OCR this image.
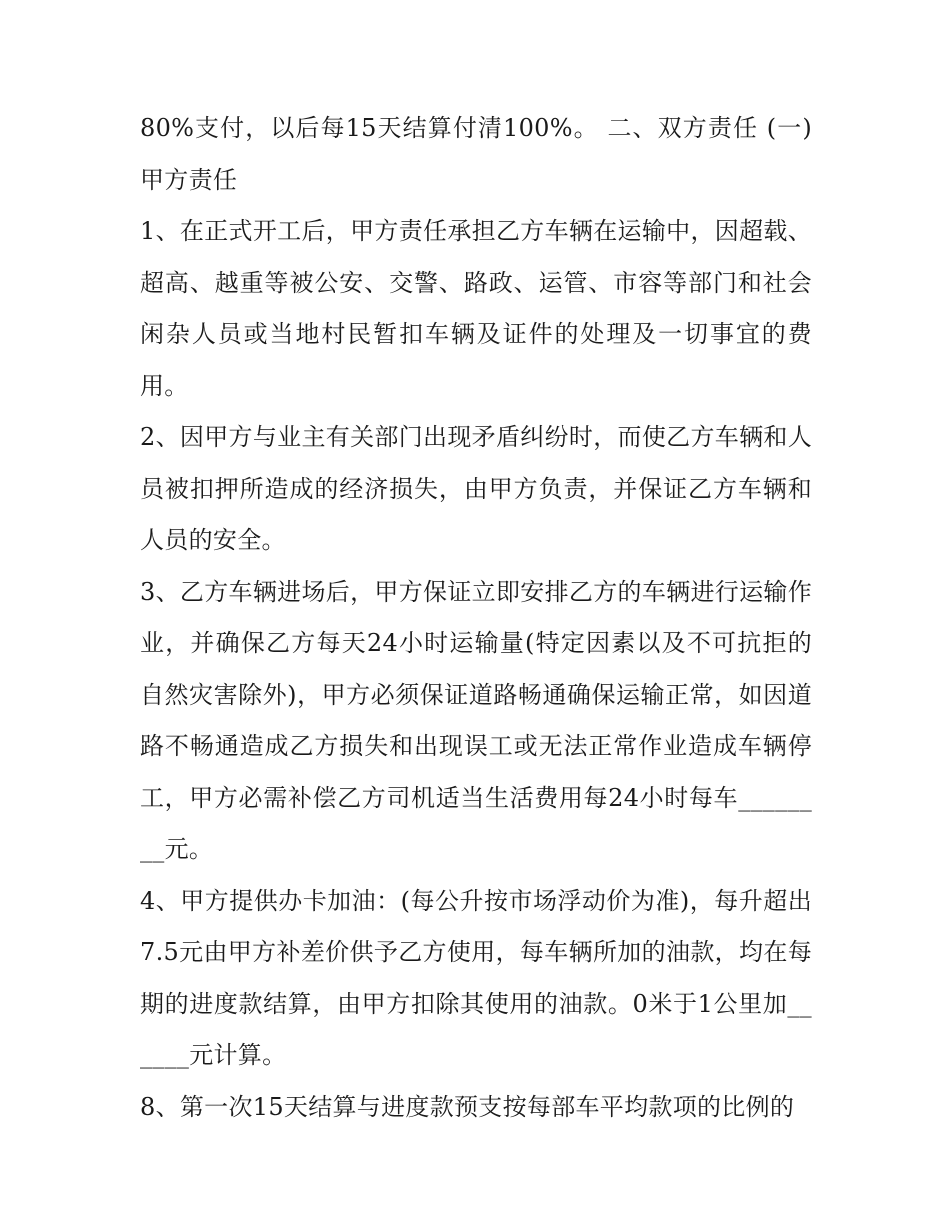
80%支付，以后每15天结算付清100%。 二、双方责任 (一)甲方责任

1、在正式开工后，甲方责任承担乙方车辆在运输中，因超载、超高、越重等被公安、交警、路政、运管、市容等部门和社会闲杂人员或当地村民暂扣车辆及证件的处理及一切事宜的费用。

2、因甲方与业主有关部门出现矛盾纠纷时，而使乙方车辆和人员被扣押所造成的经济损失，由甲方负责，并保证乙方车辆和人员的安全。

3、乙方车辆进场后，甲方保证立即安排乙方的车辆进行运输作业，并确保乙方每天24小时运输量(特定因素以及不可抗拒的自然灾害除外)，甲方必须保证道路畅通确保运输正常，如因道路不畅通造成乙方损失和出现误工或无法正常作业造成车辆停工，甲方必需补偿乙方司机适当生活费用每24小时每车________元。

4、甲方提供办卡加油：(每公升按市场浮动价为准)，每升超出7.5元由甲方补差价供予乙方使用，每车辆所加的油款，均在每期的进度款结算，由甲方扣除其使用的油款。0米于1公里加______元计算。

8、第一次15天结算与进度款预支按每部车平均款项的比例的
